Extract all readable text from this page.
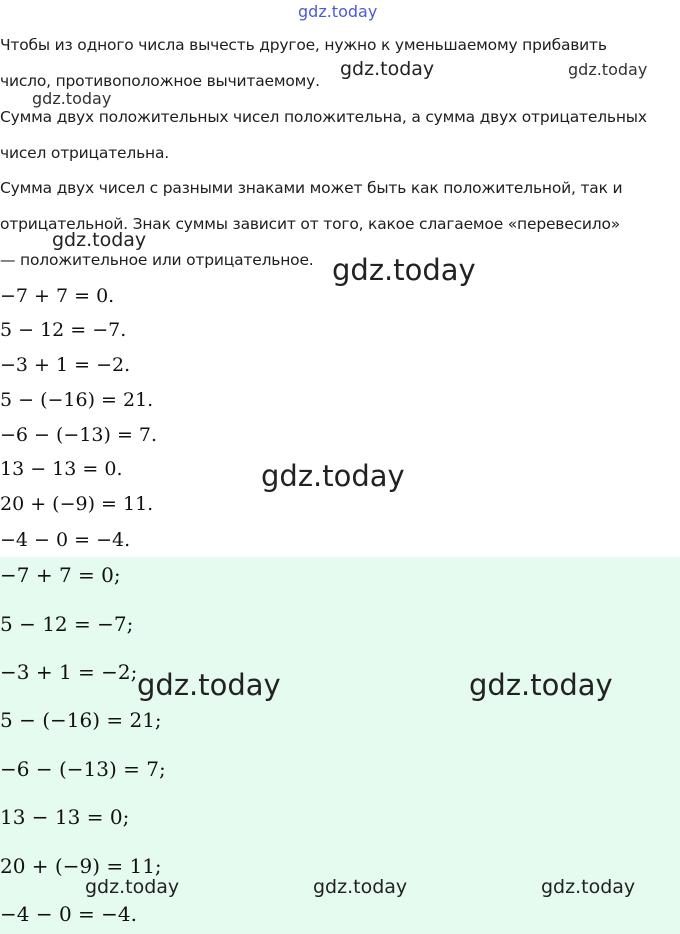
gdz.today
Чтобы из одного числа вычесть другое, нужно к уменьшаемому прибавить
число, противоположное вычитаемому.
Сумма двух положительных чисел положительна, а сумма двух отрицательных
чисел отрицательна.
Сумма двух чисел с разными знаками может быть как положительной, так и
отрицательной. Знак суммы зависит от того, какое слагаемое «перевесило»
— положительное или отрицательное.
−7 + 7 = 0.
5 − 12 = −7.
−3 + 1 = −2.
5 − (−16) = 21.
−6 − (−13) = 7.
13 − 13 = 0.
20 + (−9) = 11.
−4 − 0 = −4.
−7 + 7 = 0;
5 − 12 = −7;
−3 + 1 = −2;
5 − (−16) = 21;
−6 − (−13) = 7;
13 − 13 = 0;
20 + (−9) = 11;
−4 − 0 = −4.
gdz.today	gdz.today
gdz.today
gdz.today
gdz.today
gdz.today
gdz.today	gdz.today
gdz.today	gdz.today	gdz.today
